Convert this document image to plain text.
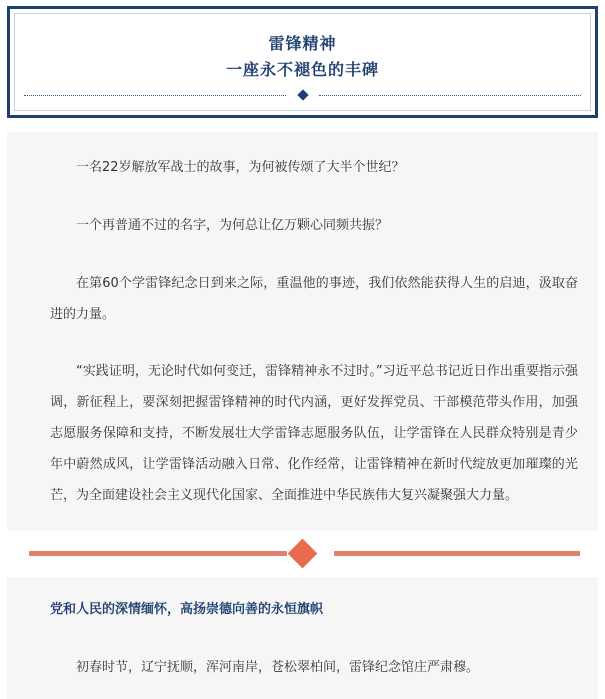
雷锋精神
一座永不褪色的丰碑

一名22岁解放军战士的故事，为何被传颂了大半个世纪？

一个再普通不过的名字，为何总让亿万颗心同频共振？

在第60个学雷锋纪念日到来之际，重温他的事迹，我们依然能获得人生的启迪，汲取奋进的力量。

“实践证明，无论时代如何变迁，雷锋精神永不过时。”习近平总书记近日作出重要指示强调，新征程上，要深刻把握雷锋精神的时代内涵，更好发挥党员、干部模范带头作用，加强志愿服务保障和支持，不断发展壮大学雷锋志愿服务队伍，让学雷锋在人民群众特别是青少年中蔚然成风，让学雷锋活动融入日常、化作经常，让雷锋精神在新时代绽放更加璀璨的光芒，为全面建设社会主义现代化国家、全面推进中华民族伟大复兴凝聚强大力量。

党和人民的深情缅怀，高扬崇德向善的永恒旗帜

初春时节，辽宁抚顺，浑河南岸，苍松翠柏间，雷锋纪念馆庄严肃穆。
